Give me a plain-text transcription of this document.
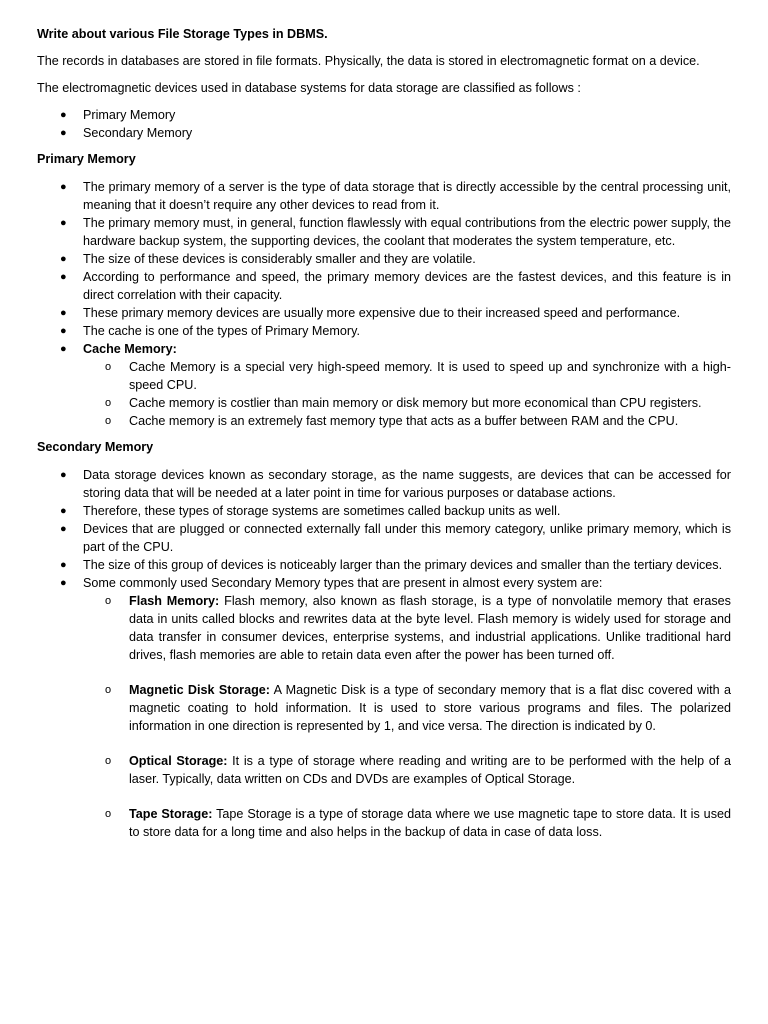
Write about various File Storage Types in DBMS.

The records in databases are stored in file formats. Physically, the data is stored in electromagnetic format on a device.

The electromagnetic devices used in database systems for data storage are classified as follows :

● Primary Memory
● Secondary Memory

Primary Memory

● The primary memory of a server is the type of data storage that is directly accessible by the central processing unit, meaning that it doesn’t require any other devices to read from it.
● The primary memory must, in general, function flawlessly with equal contributions from the electric power supply, the hardware backup system, the supporting devices, the coolant that moderates the system temperature, etc.
● The size of these devices is considerably smaller and they are volatile.
● According to performance and speed, the primary memory devices are the fastest devices, and this feature is in direct correlation with their capacity.
● These primary memory devices are usually more expensive due to their increased speed and performance.
● The cache is one of the types of Primary Memory.
● Cache Memory:
o Cache Memory is a special very high-speed memory. It is used to speed up and synchronize with a high-speed CPU.
o Cache memory is costlier than main memory or disk memory but more economical than CPU registers.
o Cache memory is an extremely fast memory type that acts as a buffer between RAM and the CPU.

Secondary Memory

● Data storage devices known as secondary storage, as the name suggests, are devices that can be accessed for storing data that will be needed at a later point in time for various purposes or database actions.
● Therefore, these types of storage systems are sometimes called backup units as well.
● Devices that are plugged or connected externally fall under this memory category, unlike primary memory, which is part of the CPU.
● The size of this group of devices is noticeably larger than the primary devices and smaller than the tertiary devices.
● Some commonly used Secondary Memory types that are present in almost every system are:
o Flash Memory: Flash memory, also known as flash storage, is a type of nonvolatile memory that erases data in units called blocks and rewrites data at the byte level. Flash memory is widely used for storage and data transfer in consumer devices, enterprise systems, and industrial applications. Unlike traditional hard drives, flash memories are able to retain data even after the power has been turned off.
o Magnetic Disk Storage: A Magnetic Disk is a type of secondary memory that is a flat disc covered with a magnetic coating to hold information. It is used to store various programs and files. The polarized information in one direction is represented by 1, and vice versa. The direction is indicated by 0.
o Optical Storage: It is a type of storage where reading and writing are to be performed with the help of a laser. Typically, data written on CDs and DVDs are examples of Optical Storage.
o Tape Storage: Tape Storage is a type of storage data where we use magnetic tape to store data. It is used to store data for a long time and also helps in the backup of data in case of data loss.
